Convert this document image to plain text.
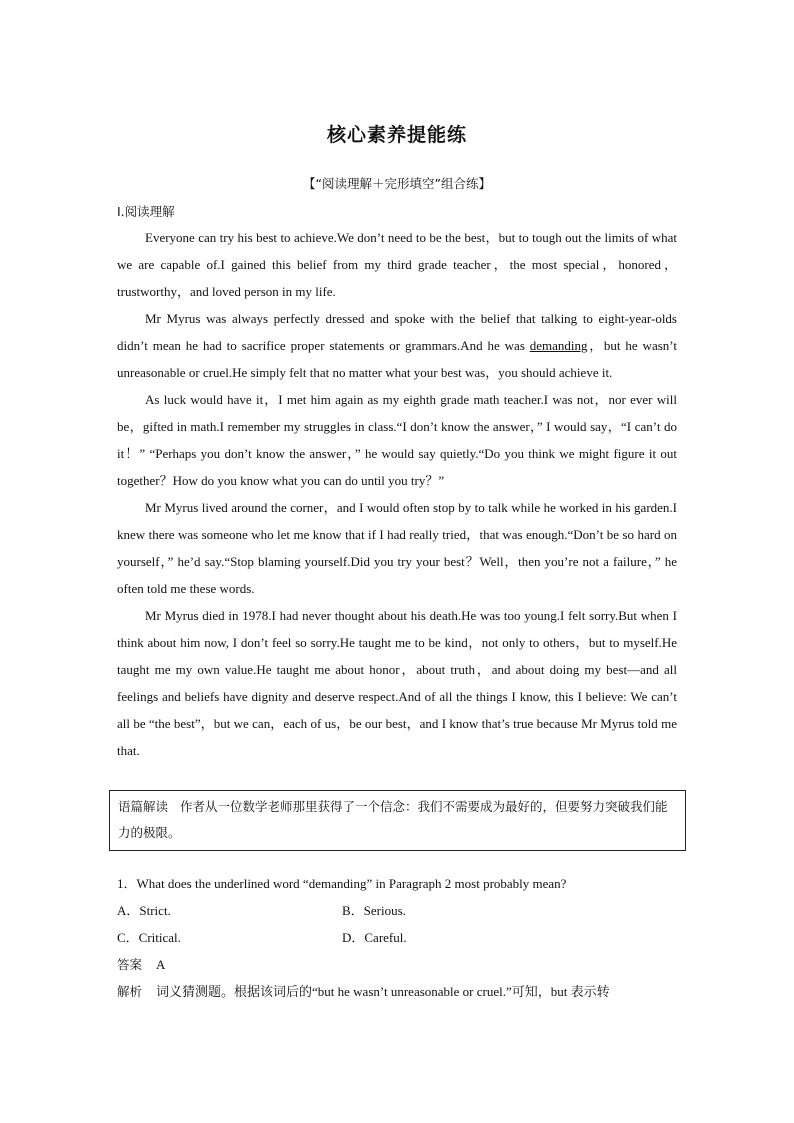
核心素养提能练
【“阅读理解＋完形填空”组合练】
Ⅰ.阅读理解

Everyone can try his best to achieve.We don’t need to be the best，but to tough out the limits of what we are capable of.I gained this belief from my third grade teacher，the most special，honored，trustworthy，and loved person in my life.

Mr Myrus was always perfectly dressed and spoke with the belief that talking to eight-year-olds didn’t mean he had to sacrifice proper statements or grammars.And he was demanding，but he wasn’t unreasonable or cruel.He simply felt that no matter what your best was，you should achieve it.

As luck would have it，I met him again as my eighth grade math teacher.I was not，nor ever will be，gifted in math.I remember my struggles in class.“I don’t know the answer，” I would say，“I can’t do it！” “Perhaps you don’t know the answer，” he would say quietly.“Do you think we might figure it out together？How do you know what you can do until you try？”

Mr Myrus lived around the corner，and I would often stop by to talk while he worked in his garden.I knew there was someone who let me know that if I had really tried，that was enough.“Don’t be so hard on yourself，” he’d say.“Stop blaming yourself.Did you try your best？Well，then you’re not a failure，” he often told me these words.

Mr Myrus died in 1978.I had never thought about his death.He was too young.I felt sorry.But when I think about him now, I don’t feel so sorry.He taught me to be kind，not only to others，but to myself.He taught me my own value.He taught me about honor，about truth，and about doing my best—and all feelings and beliefs have dignity and deserve respect.And of all the things I know, this I believe: We can’t all be “the best”，but we can，each of us，be our best，and I know that’s true because Mr Myrus told me that.

语篇解读 作者从一位数学老师那里获得了一个信念：我们不需要成为最好的，但要努力突破我们能力的极限。
1．What does the underlined word “demanding” in Paragraph 2 most probably mean?
A．Strict.	B．Serious.
C．Critical.	D．Careful.
答案 A
解析 词义猜测题。根据该词后的“but he wasn’t unreasonable or cruel.”可知，but 表示转
